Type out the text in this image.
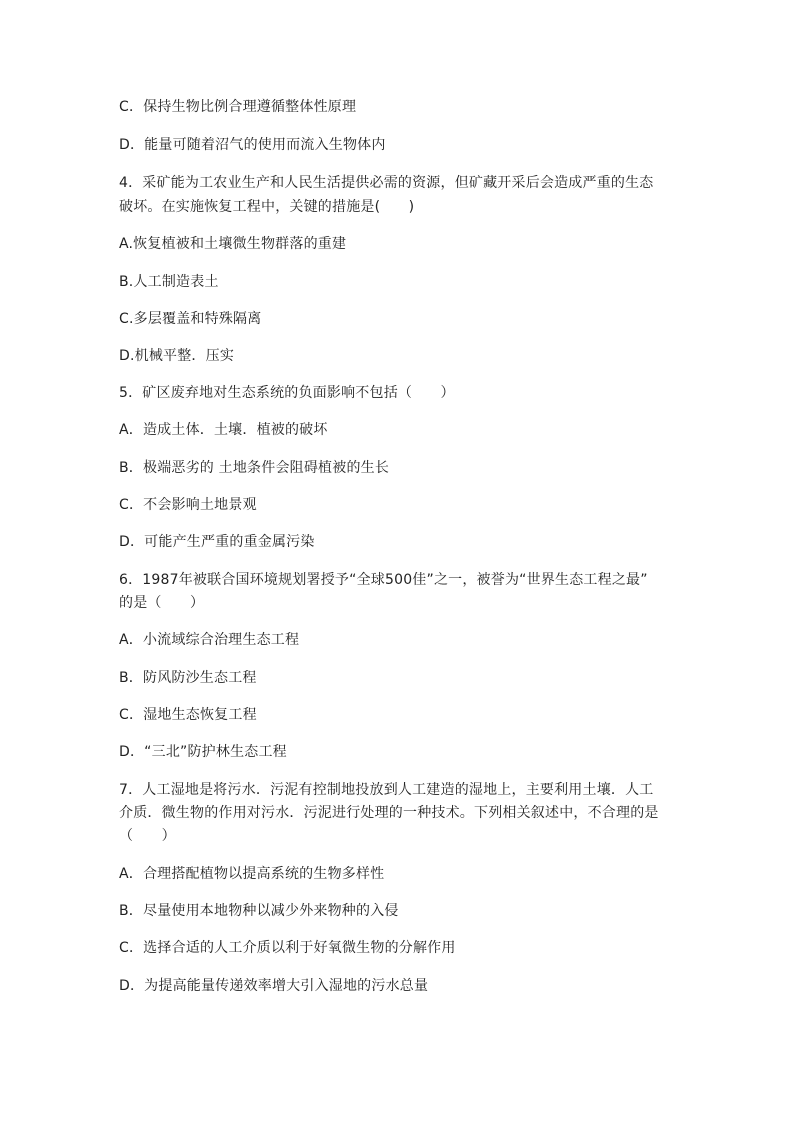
C．保持生物比例合理遵循整体性原理
D．能量可随着沼气的使用而流入生物体内
4．采矿能为工农业生产和人民生活提供必需的资源，但矿藏开采后会造成严重的生态
破坏。在实施恢复工程中，关键的措施是(　　)
A.恢复植被和土壤微生物群落的重建
B.人工制造表土
C.多层覆盖和特殊隔离
D.机械平整．压实
5．矿区废弃地对生态系统的负面影响不包括（　　）
A．造成土体．土壤．植被的破坏
B．极端恶劣的 土地条件会阻碍植被的生长
C．不会影响土地景观
D．可能产生严重的重金属污染
6．1987年被联合国环境规划署授予“全球500佳”之一，被誉为“世界生态工程之最”
的是（　　）
A．小流域综合治理生态工程
B．防风防沙生态工程
C．湿地生态恢复工程
D．“三北”防护林生态工程
7．人工湿地是将污水．污泥有控制地投放到人工建造的湿地上，主要利用土壤．人工
介质．微生物的作用对污水．污泥进行处理的一种技术。下列相关叙述中，不合理的是
（　　）
A．合理搭配植物以提高系统的生物多样性
B．尽量使用本地物种以减少外来物种的入侵
C．选择合适的人工介质以利于好氧微生物的分解作用
D．为提高能量传递效率增大引入湿地的污水总量
